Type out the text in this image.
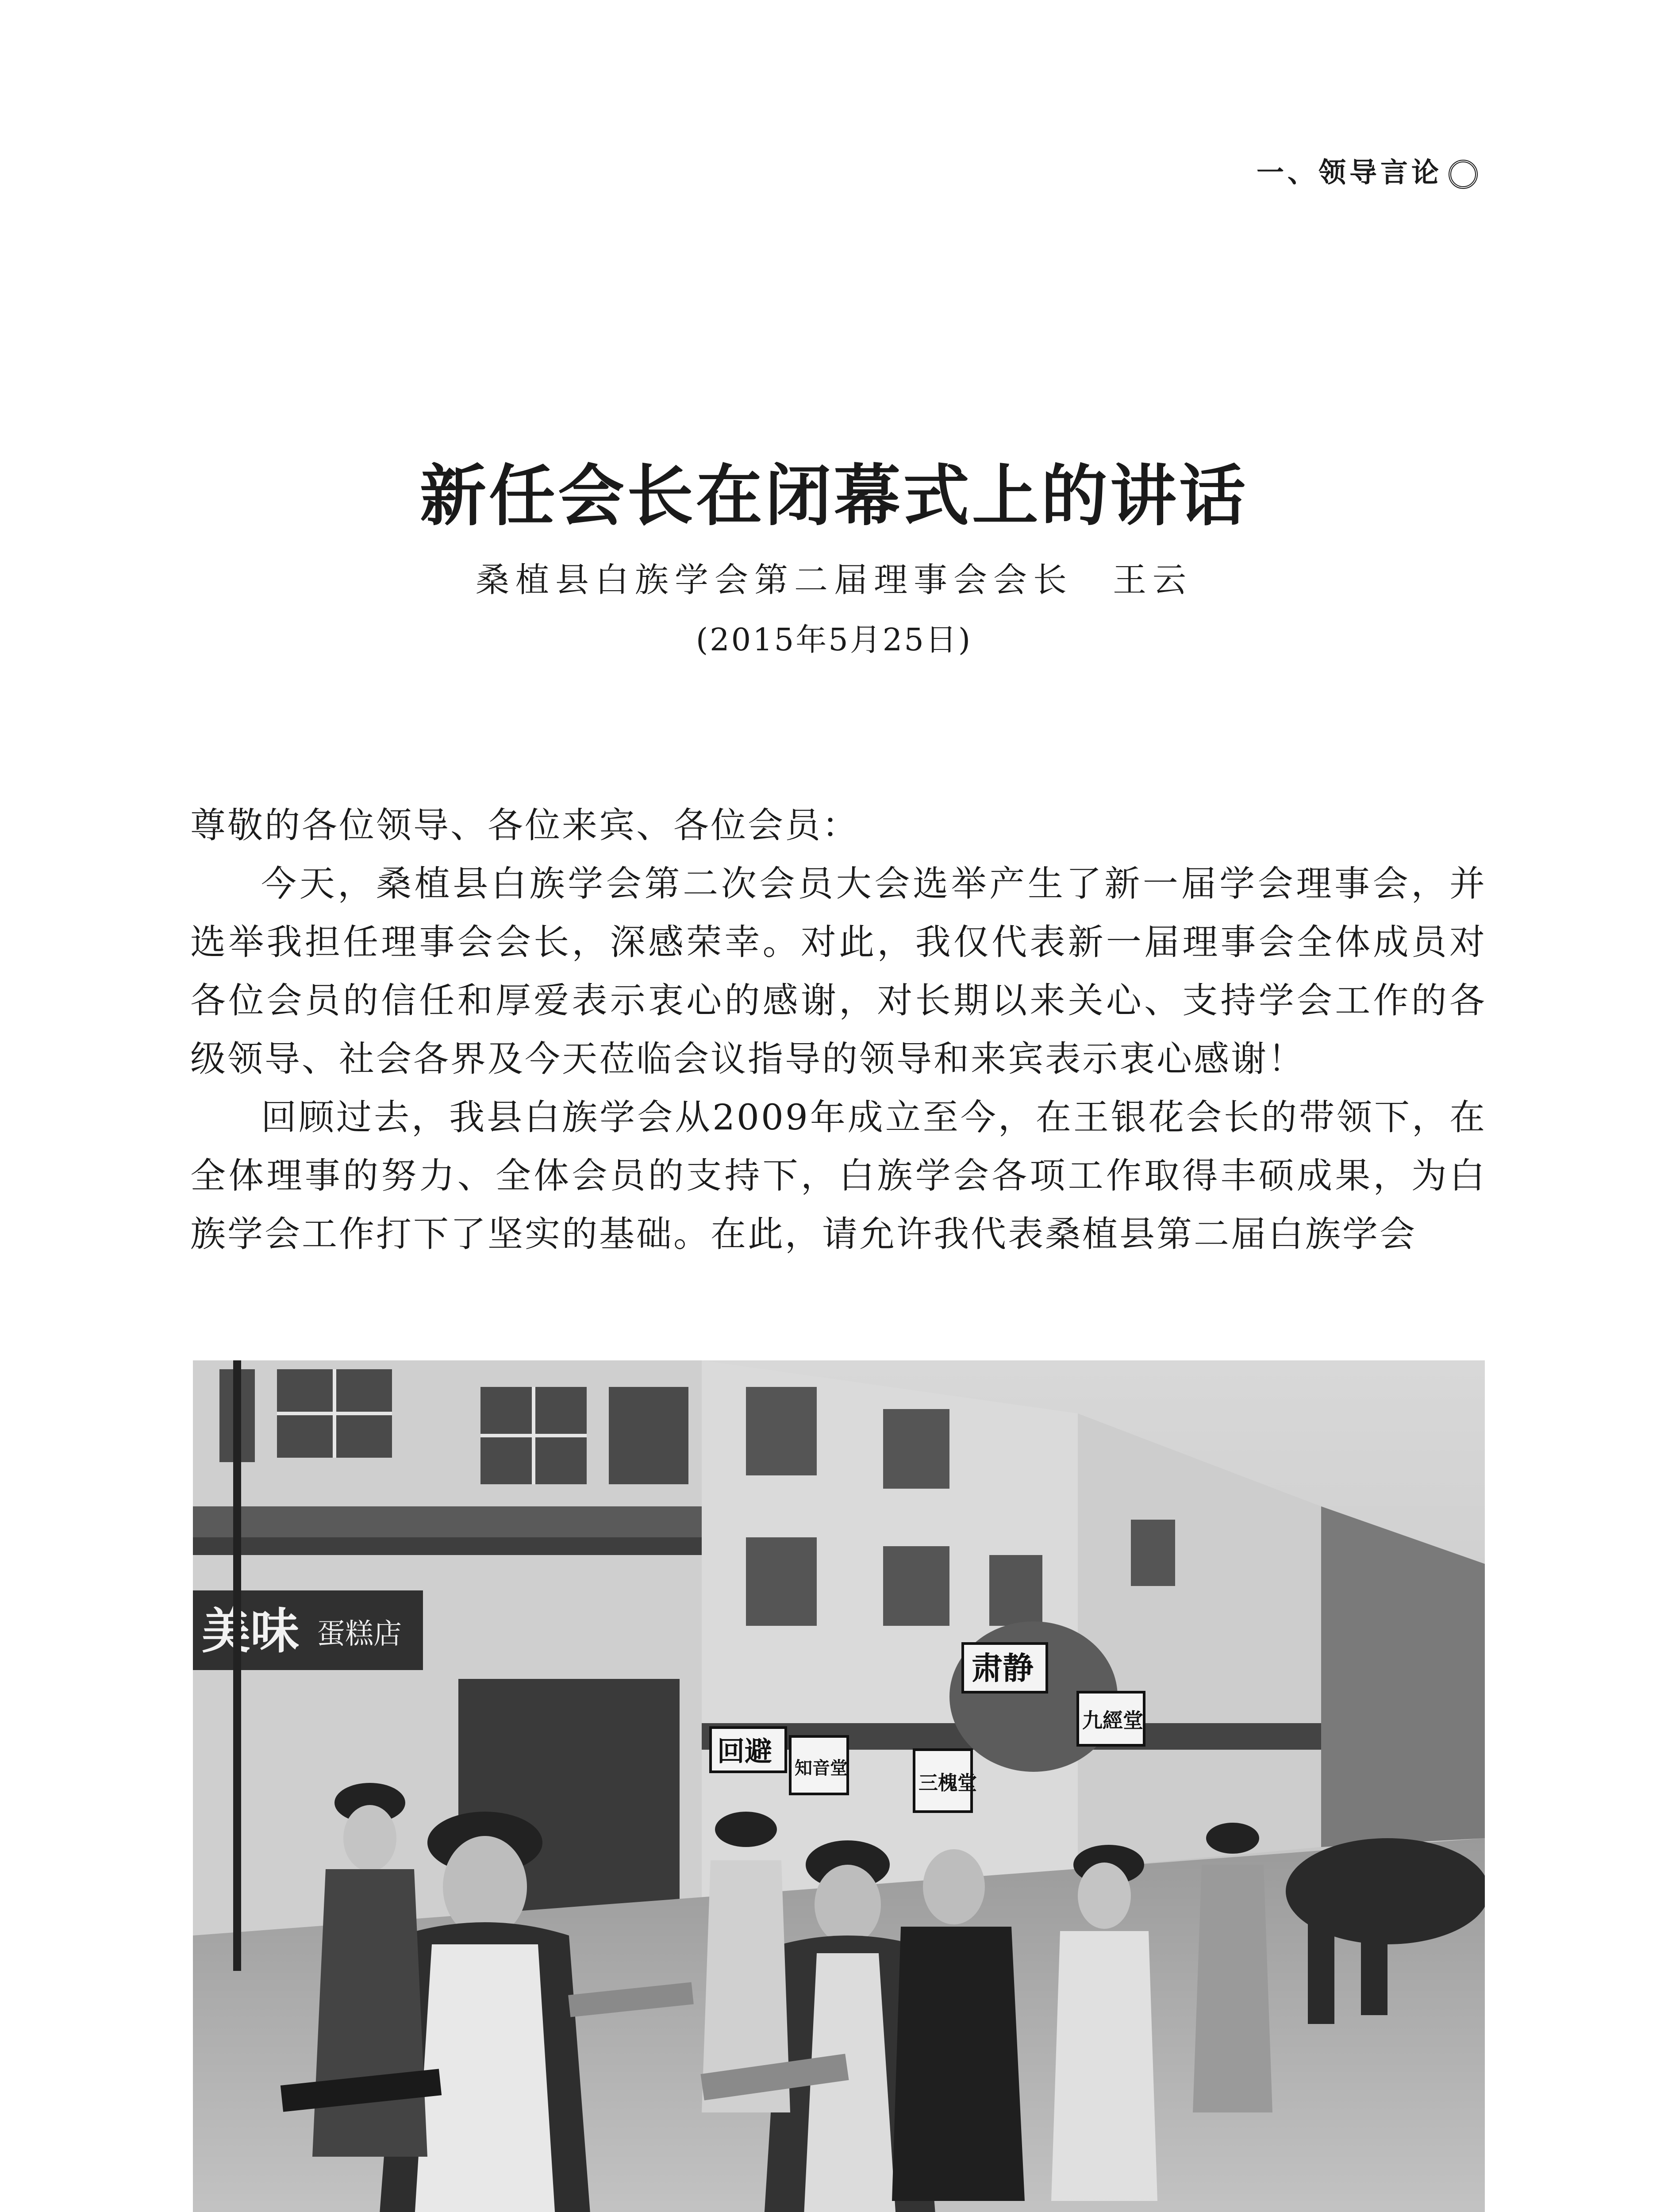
一、领导言论
新任会长在闭幕式上的讲话
桑植县白族学会第二届理事会会长　王云
(2015年5月25日)

尊敬的各位领导、各位来宾、各位会员：

今天，桑植县白族学会第二次会员大会选举产生了新一届学会理事会，并选举我担任理事会会长，深感荣幸。对此，我仅代表新一届理事会全体成员对各位会员的信任和厚爱表示衷心的感谢，对长期以来关心、支持学会工作的各级领导、社会各界及今天莅临会议指导的领导和来宾表示衷心感谢！

回顾过去，我县白族学会从2009年成立至今，在王银花会长的带领下，在全体理事的努力、全体会员的支持下，白族学会各项工作取得丰硕成果，为白族学会工作打下了坚实的基础。在此，请允许我代表桑植县第二届白族学会

美味 蛋糕店
肃静
回避
九經堂
三槐堂
知音堂
